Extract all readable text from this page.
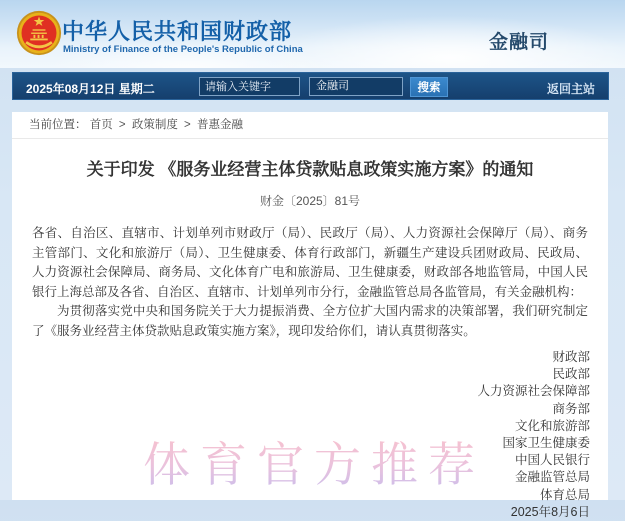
中华人民共和国财政部
Ministry of Finance of the People's Republic of China	金融司
2025年08月12日 星期二
请输入关键字	金融司	搜索	返回主站
当前位置： 首页 > 政策制度 > 普惠金融
关于印发 《服务业经营主体贷款贴息政策实施方案》的通知
财金〔2025〕81号

各省、自治区、直辖市、计划单列市财政厅（局）、民政厅（局）、人力资源社会保障厅（局）、商务主管部门、文化和旅游厅（局）、卫生健康委、体育行政部门，新疆生产建设兵团财政局、民政局、人力资源社会保障局、商务局、文化体育广电和旅游局、卫生健康委，财政部各地监管局，中国人民银行上海总部及各省、自治区、直辖市、计划单列市分行，金融监管总局各监管局，有关金融机构：

为贯彻落实党中央和国务院关于大力提振消费、全方位扩大国内需求的决策部署，我们研究制定了《服务业经营主体贷款贴息政策实施方案》，现印发给你们，请认真贯彻落实。

财政部
民政部
人力资源社会保障部
商务部
文化和旅游部
国家卫生健康委
中国人民银行
金融监管总局
体育总局
2025年8月6日
